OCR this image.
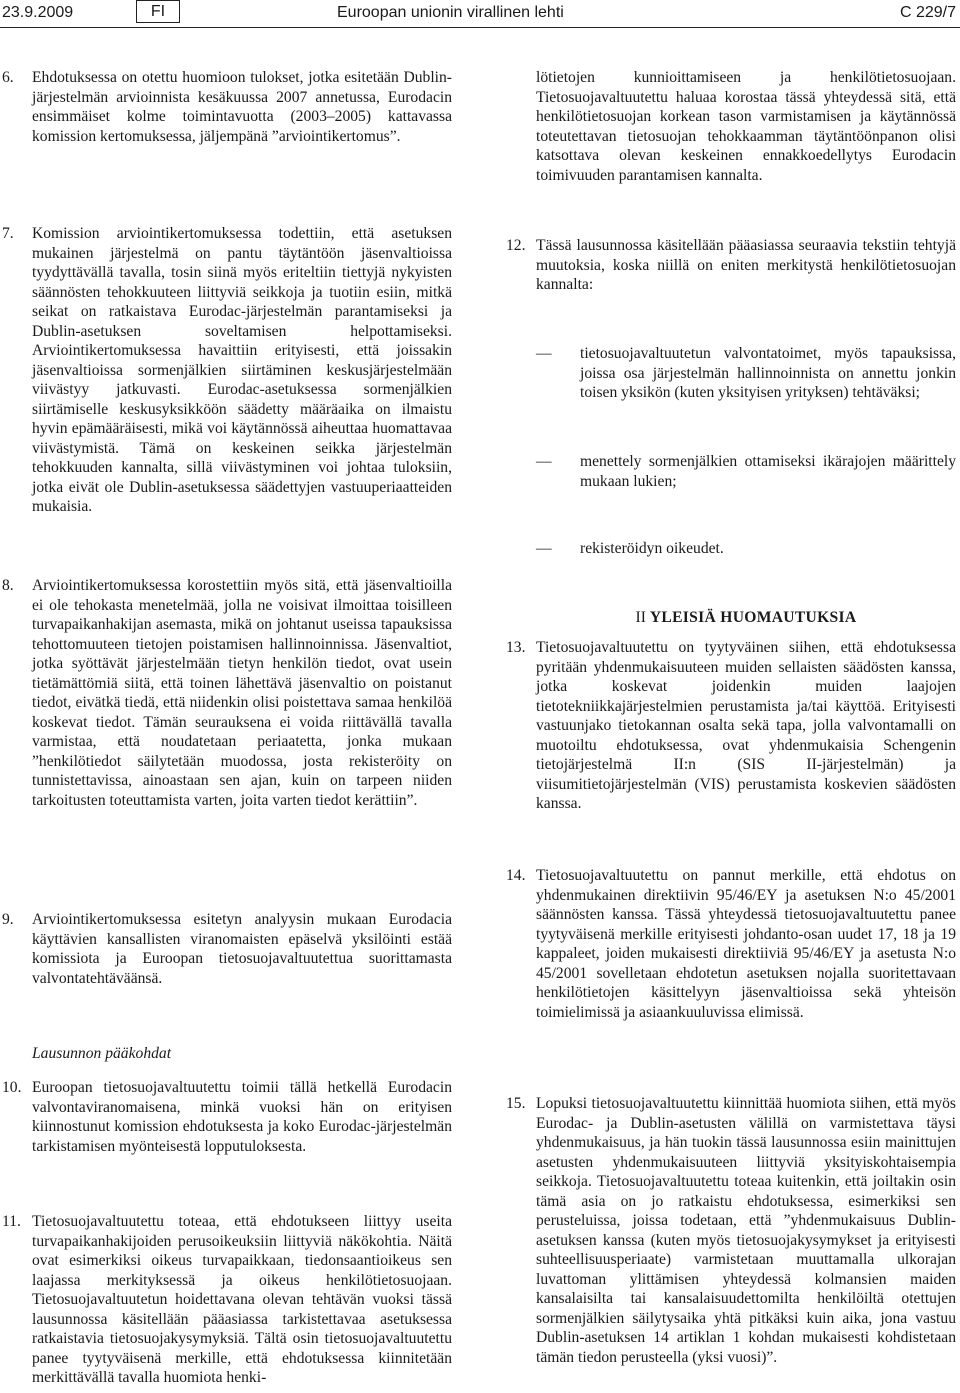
23.9.2009	FI	Euroopan unionin virallinen lehti	C 229/7
6. Ehdotuksessa on otettu huomioon tulokset, jotka esitetään Dublin-järjestelmän arvioinnista kesäkuussa 2007 annetussa, Eurodacin ensimmäiset kolme toimintavuotta (2003–2005) kattavassa komission kertomuksessa, jäljempänä ”arviointikertomus”.
7. Komission arviointikertomuksessa todettiin, että asetuksen mukainen järjestelmä on pantu täytäntöön jäsenvaltioissa tyydyttävällä tavalla, tosin siinä myös eriteltiin tiettyjä nykyisten säännösten tehokkuuteen liittyviä seikkoja ja tuotiin esiin, mitkä seikat on ratkaistava Eurodac-järjestelmän parantamiseksi ja Dublin-asetuksen soveltamisen helpottamiseksi. Arviointikertomuksessa havaittiin erityisesti, että joissakin jäsenvaltioissa sormenjälkien siirtäminen keskusjärjestelmään viivästyy jatkuvasti. Eurodac-asetuksessa sormenjälkien siirtämiselle keskusyksikköön säädetty määräaika on ilmaistu hyvin epämääräisesti, mikä voi käytännössä aiheuttaa huomattavaa viivästymistä. Tämä on keskeinen seikka järjestelmän tehokkuuden kannalta, sillä viivästyminen voi johtaa tuloksiin, jotka eivät ole Dublin-asetuksessa säädettyjen vastuuperiaatteiden mukaisia.
8. Arviointikertomuksessa korostettiin myös sitä, että jäsenvaltioilla ei ole tehokasta menetelmää, jolla ne voisivat ilmoittaa toisilleen turvapaikanhakijan asemasta, mikä on johtanut useissa tapauksissa tehottomuuteen tietojen poistamisen hallinnoinnissa. Jäsenvaltiot, jotka syöttävät järjestelmään tietyn henkilön tiedot, ovat usein tietämättömiä siitä, että toinen lähettävä jäsenvaltio on poistanut tiedot, eivätkä tiedä, että niidenkin olisi poistettava samaa henkilöä koskevat tiedot. Tämän seurauksena ei voida riittävällä tavalla varmistaa, että noudatetaan periaatetta, jonka mukaan ”henkilötiedot säilytetään muodossa, josta rekisteröity on tunnistettavissa, ainoastaan sen ajan, kuin on tarpeen niiden tarkoitusten toteuttamista varten, joita varten tiedot kerättiin”.
9. Arviointikertomuksessa esitetyn analyysin mukaan Eurodacia käyttävien kansallisten viranomaisten epäselvä yksilöinti estää komissiota ja Euroopan tietosuojavaltuutettua suorittamasta valvontatehtäväänsä.
Lausunnon pääkohdat
10. Euroopan tietosuojavaltuutettu toimii tällä hetkellä Eurodacin valvontaviranomaisena, minkä vuoksi hän on erityisen kiinnostunut komission ehdotuksesta ja koko Eurodac-järjestelmän tarkistamisen myönteisestä lopputuloksesta.
11. Tietosuojavaltuutettu toteaa, että ehdotukseen liittyy useita turvapaikanhakijoiden perusoikeuksiin liittyviä näkökohtia. Näitä ovat esimerkiksi oikeus turvapaikkaan, tiedonsaantioikeus sen laajassa merkityksessä ja oikeus henkilötietosuojaan. Tietosuojavaltuutetun hoidettavana olevan tehtävän vuoksi tässä lausunnossa käsitellään pääasiassa tarkistettavaa asetuksessa ratkaistavia tietosuojakysymyksiä. Tältä osin tietosuojavaltuutettu panee tyytyväisenä merkille, että ehdotuksessa kiinnitetään merkittävällä tavalla huomiota henki-
lötietojen kunnioittamiseen ja henkilötietosuojaan. Tietosuojavaltuutettu haluaa korostaa tässä yhteydessä sitä, että henkilötietosuojan korkean tason varmistamisen ja käytännössä toteutettavan tietosuojan tehokkaamman täytäntöönpanon olisi katsottava olevan keskeinen ennakkoedellytys Eurodacin toimivuuden parantamisen kannalta.
12. Tässä lausunnossa käsitellään pääasiassa seuraavia tekstiin tehtyjä muutoksia, koska niillä on eniten merkitystä henkilötietosuojan kannalta:
— tietosuojavaltuutetun valvontatoimet, myös tapauksissa, joissa osa järjestelmän hallinnoinnista on annettu jonkin toisen yksikön (kuten yksityisen yrityksen) tehtäväksi;
— menettely sormenjälkien ottamiseksi ikärajojen määrittely mukaan lukien;
— rekisteröidyn oikeudet.
II YLEISIÄ HUOMAUTUKSIA
13. Tietosuojavaltuutettu on tyytyväinen siihen, että ehdotuksessa pyritään yhdenmukaisuuteen muiden sellaisten säädösten kanssa, jotka koskevat joidenkin muiden laajojen tietotekniikkajärjestelmien perustamista ja/tai käyttöä. Erityisesti vastuunjako tietokannan osalta sekä tapa, jolla valvontamalli on muotoiltu ehdotuksessa, ovat yhdenmukaisia Schengenin tietojärjestelmä II:n (SIS II-järjestelmän) ja viisumitietojärjestelmän (VIS) perustamista koskevien säädösten kanssa.
14. Tietosuojavaltuutettu on pannut merkille, että ehdotus on yhdenmukainen direktiivin 95/46/EY ja asetuksen N:o 45/2001 säännösten kanssa. Tässä yhteydessä tietosuojavaltuutettu panee tyytyväisenä merkille erityisesti johdanto-osan uudet 17, 18 ja 19 kappaleet, joiden mukaisesti direktiiviä 95/46/EY ja asetusta N:o 45/2001 sovelletaan ehdotetun asetuksen nojalla suoritettavaan henkilötietojen käsittelyyn jäsenvaltioissa sekä yhteisön toimielimissä ja asiaankuuluvissa elimissä.
15. Lopuksi tietosuojavaltuutettu kiinnittää huomiota siihen, että myös Eurodac- ja Dublin-asetusten välillä on varmistettava täysi yhdenmukaisuus, ja hän tuokin tässä lausunnossa esiin mainittujen asetusten yhdenmukaisuuteen liittyviä yksityiskohtaisempia seikkoja. Tietosuojavaltuutettu toteaa kuitenkin, että joiltakin osin tämä asia on jo ratkaistu ehdotuksessa, esimerkiksi sen perusteluissa, joissa todetaan, että ”yhdenmukaisuus Dublin-asetuksen kanssa (kuten myös tietosuojakysymykset ja erityisesti suhteellisuusperiaate) varmistetaan muuttamalla ulkorajan luvattoman ylittämisen yhteydessä kolmansien maiden kansalaisilta tai kansalaisuudettomilta henkilöiltä otettujen sormenjälkien säilytysaika yhtä pitkäksi kuin aika, jona vastuu Dublin-asetuksen 14 artiklan 1 kohdan mukaisesti kohdistetaan tämän tiedon perusteella (yksi vuosi)”.
